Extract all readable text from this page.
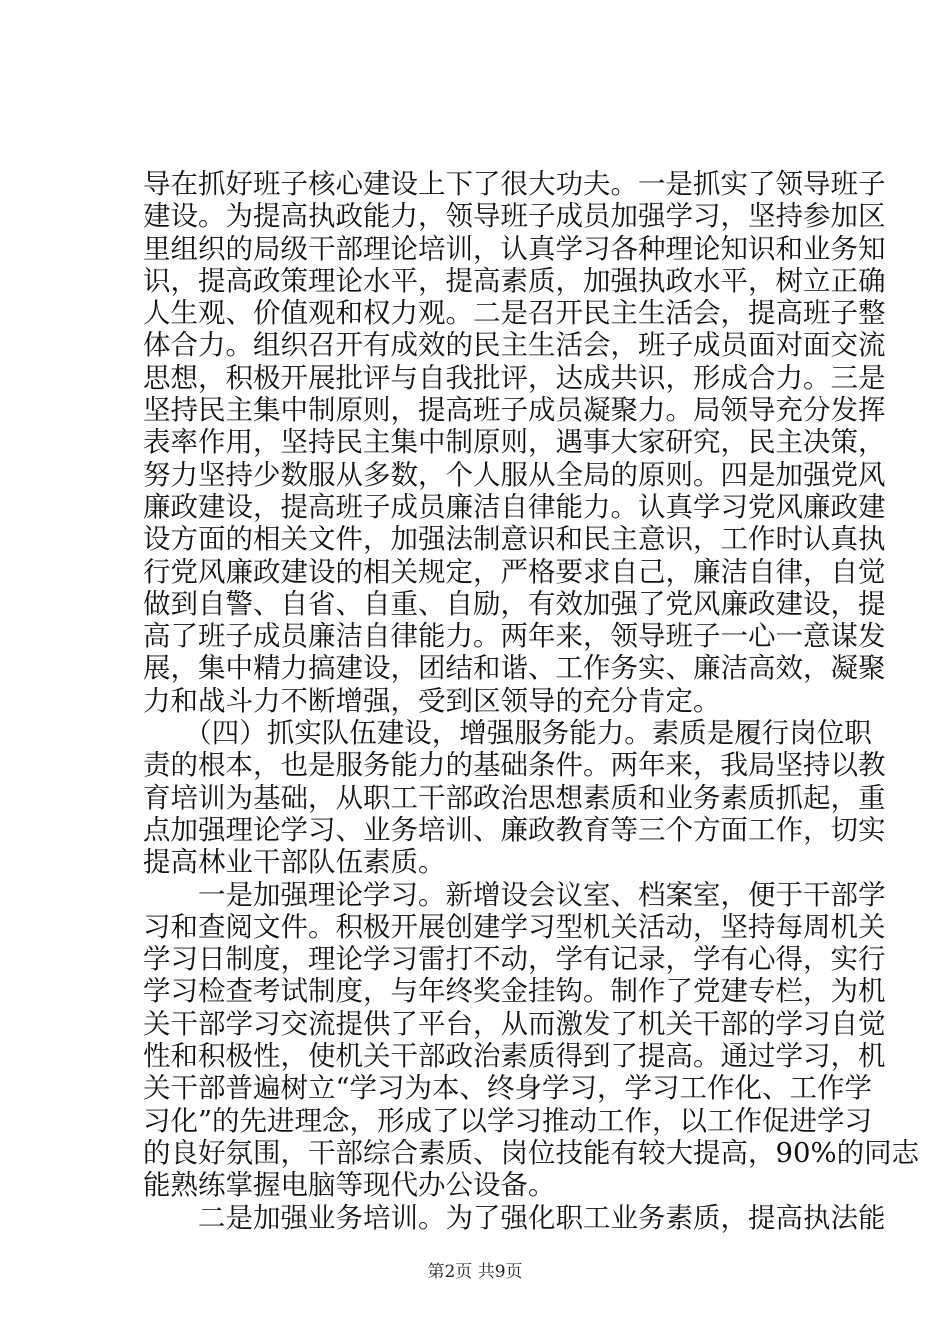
导在抓好班子核心建设上下了很大功夫。一是抓实了领导班子
建设。为提高执政能力，领导班子成员加强学习，坚持参加区
里组织的局级干部理论培训，认真学习各种理论知识和业务知
识，提高政策理论水平，提高素质，加强执政水平，树立正确
人生观、价值观和权力观。二是召开民主生活会，提高班子整
体合力。组织召开有成效的民主生活会，班子成员面对面交流
思想，积极开展批评与自我批评，达成共识，形成合力。三是
坚持民主集中制原则，提高班子成员凝聚力。局领导充分发挥
表率作用，坚持民主集中制原则，遇事大家研究，民主决策，
努力坚持少数服从多数，个人服从全局的原则。四是加强党风
廉政建设，提高班子成员廉洁自律能力。认真学习党风廉政建
设方面的相关文件，加强法制意识和民主意识，工作时认真执
行党风廉政建设的相关规定，严格要求自己，廉洁自律，自觉
做到自警、自省、自重、自励，有效加强了党风廉政建设，提
高了班子成员廉洁自律能力。两年来，领导班子一心一意谋发
展，集中精力搞建设，团结和谐、工作务实、廉洁高效，凝聚
力和战斗力不断增强，受到区领导的充分肯定。
　　（四）抓实队伍建设，增强服务能力。素质是履行岗位职
责的根本，也是服务能力的基础条件。两年来，我局坚持以教
育培训为基础，从职工干部政治思想素质和业务素质抓起，重
点加强理论学习、业务培训、廉政教育等三个方面工作，切实
提高林业干部队伍素质。
　　一是加强理论学习。新增设会议室、档案室，便于干部学
习和查阅文件。积极开展创建学习型机关活动，坚持每周机关
学习日制度，理论学习雷打不动，学有记录，学有心得，实行
学习检查考试制度，与年终奖金挂钩。制作了党建专栏，为机
关干部学习交流提供了平台，从而激发了机关干部的学习自觉
性和积极性，使机关干部政治素质得到了提高。通过学习，机
关干部普遍树立“学习为本、终身学习，学习工作化、工作学
习化”的先进理念，形成了以学习推动工作，以工作促进学习
的良好氛围，干部综合素质、岗位技能有较大提高，90%的同志
能熟练掌握电脑等现代办公设备。
　　二是加强业务培训。为了强化职工业务素质，提高执法能
第2页 共9页
